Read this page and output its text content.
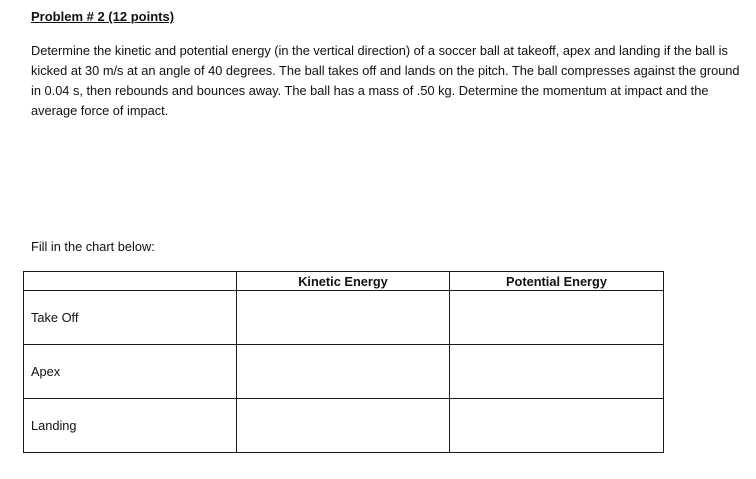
Problem # 2 (12 points)
Determine the kinetic and potential energy (in the vertical direction) of a soccer ball at takeoff, apex and landing if the ball is kicked at 30 m/s at an angle of 40 degrees. The ball takes off and lands on the pitch. The ball compresses against the ground in 0.04 s, then rebounds and bounces away. The ball has a mass of .50 kg. Determine the momentum at impact and the average force of impact.
Fill in the chart below:
	Kinetic Energy	Potential Energy
Take Off		
Apex		
Landing		
